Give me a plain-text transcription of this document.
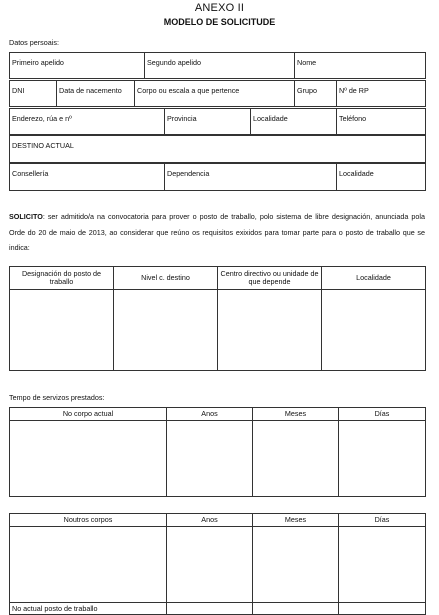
ANEXO II
MODELO DE SOLICITUDE
Datos persoais:
Primeiro apelido	Segundo apelido	Nome
DNI	Data de nacemento	Corpo ou escala a que pertence	Grupo	Nº de RP
Enderezo, rúa e nº	Provincia	Localidade	Teléfono
DESTINO ACTUAL
Consellería	Dependencia	Localidade
SOLICITO: ser admitido/a na convocatoria para prover o posto de traballo, polo sistema de libre designación, anunciada pola Orde do 20 de maio de 2013, ao considerar que reúno os requisitos exixidos para tomar parte para o posto de traballo que se indica:
Designación do posto de traballo	Nivel c. destino	Centro directivo ou unidade de que depende	Localidade

Tempo de servizos prestados:
No corpo actual	Anos	Meses	Días

Noutros corpos	Anos	Meses	Días

No actual posto de traballo			
